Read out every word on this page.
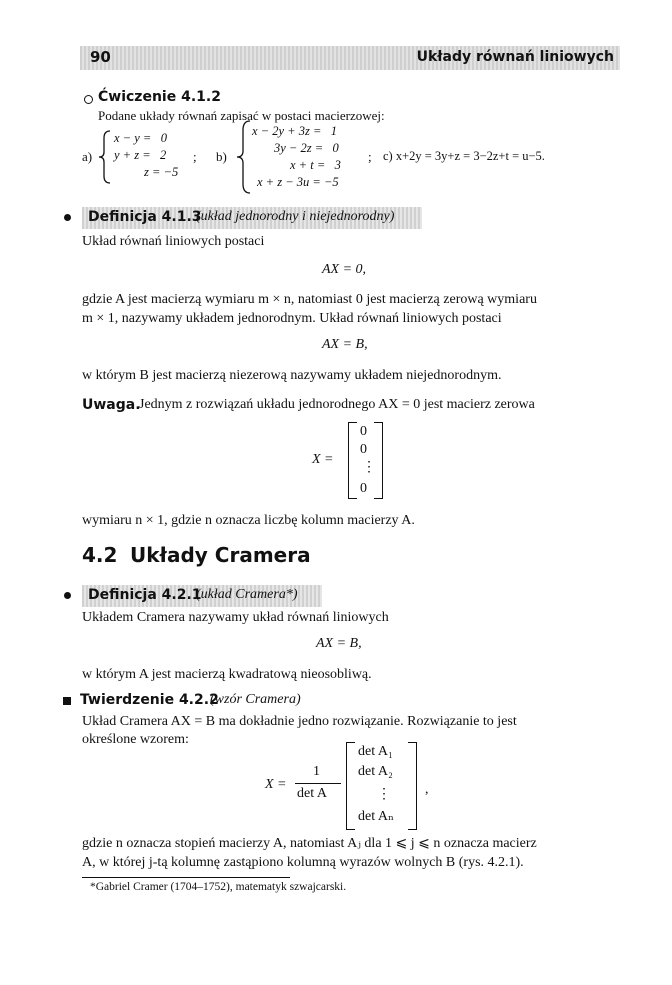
90	Układy równań liniowych
Ćwiczenie 4.1.2
Podane układy równań zapisać w postaci macierzowej:
a)
x − y =   0
y + z =   2
z = −5
; b)
x − 2y + 3z =   1
3y − 2z =   0
x + t =   3
x + z − 3u = −5
; c) x+2y = 3y+z = 3−2z+t = u−5.
Definicja 4.1.3
(układ jednorodny i niejednorodny)
Układ równań liniowych postaci
AX = 0,
gdzie A jest macierzą wymiaru m × n, natomiast 0 jest macierzą zerową wymiaru
m × 1, nazywamy układem jednorodnym. Układ równań liniowych postaci
AX = B,
w którym B jest macierzą niezerową nazywamy układem niejednorodnym.
Uwaga.
Jednym z rozwiązań układu jednorodnego AX = 0 jest macierz zerowa
X =
0
0
⋮
0
wymiaru n × 1, gdzie n oznacza liczbę kolumn macierzy A.
4.2 Układy Cramera
Definicja 4.2.1
(układ Cramera*)
Układem Cramera nazywamy układ równań liniowych
AX = B,
w którym A jest macierzą kwadratową nieosobliwą.
Twierdzenie 4.2.2
(wzór Cramera)
Układ Cramera AX = B ma dokładnie jedno rozwiązanie. Rozwiązanie to jest
określone wzorem:
X =
1
det A
det A₁
det A₂
⋮
det Aₙ
,
gdzie n oznacza stopień macierzy A, natomiast Aⱼ dla 1 ⩽ j ⩽ n oznacza macierz
A, w której j-tą kolumnę zastąpiono kolumną wyrazów wolnych B (rys. 4.2.1).
*Gabriel Cramer (1704–1752), matematyk szwajcarski.
